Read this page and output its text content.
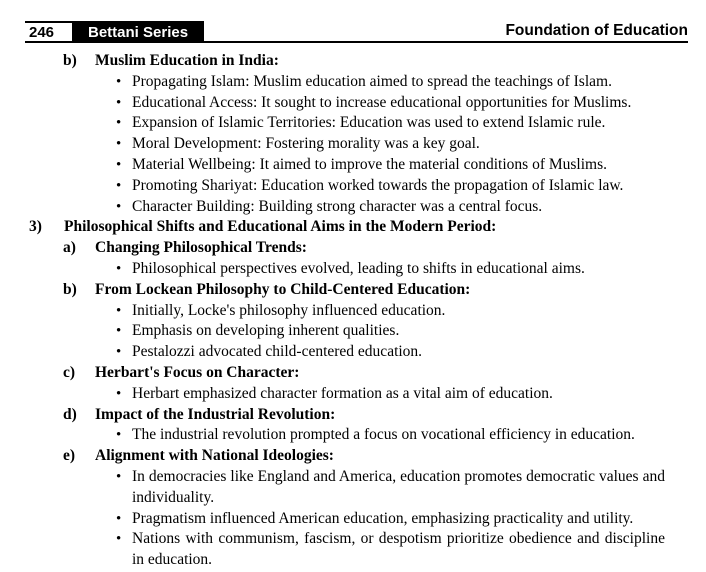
246	Bettani Series	Foundation of Education
b)	Muslim Education in India:
• Propagating Islam: Muslim education aimed to spread the teachings of Islam.
• Educational Access: It sought to increase educational opportunities for Muslims.
• Expansion of Islamic Territories: Education was used to extend Islamic rule.
• Moral Development: Fostering morality was a key goal.
• Material Wellbeing: It aimed to improve the material conditions of Muslims.
• Promoting Shariyat: Education worked towards the propagation of Islamic law.
• Character Building: Building strong character was a central focus.
3)	Philosophical Shifts and Educational Aims in the Modern Period:
a)	Changing Philosophical Trends:
• Philosophical perspectives evolved, leading to shifts in educational aims.
b)	From Lockean Philosophy to Child-Centered Education:
• Initially, Locke's philosophy influenced education.
• Emphasis on developing inherent qualities.
• Pestalozzi advocated child-centered education.
c)	Herbart's Focus on Character:
• Herbart emphasized character formation as a vital aim of education.
d)	Impact of the Industrial Revolution:
• The industrial revolution prompted a focus on vocational efficiency in education.
e)	Alignment with National Ideologies:
• In democracies like England and America, education promotes democratic values and individuality.
• Pragmatism influenced American education, emphasizing practicality and utility.
• Nations with communism, fascism, or despotism prioritize obedience and discipline in education.
